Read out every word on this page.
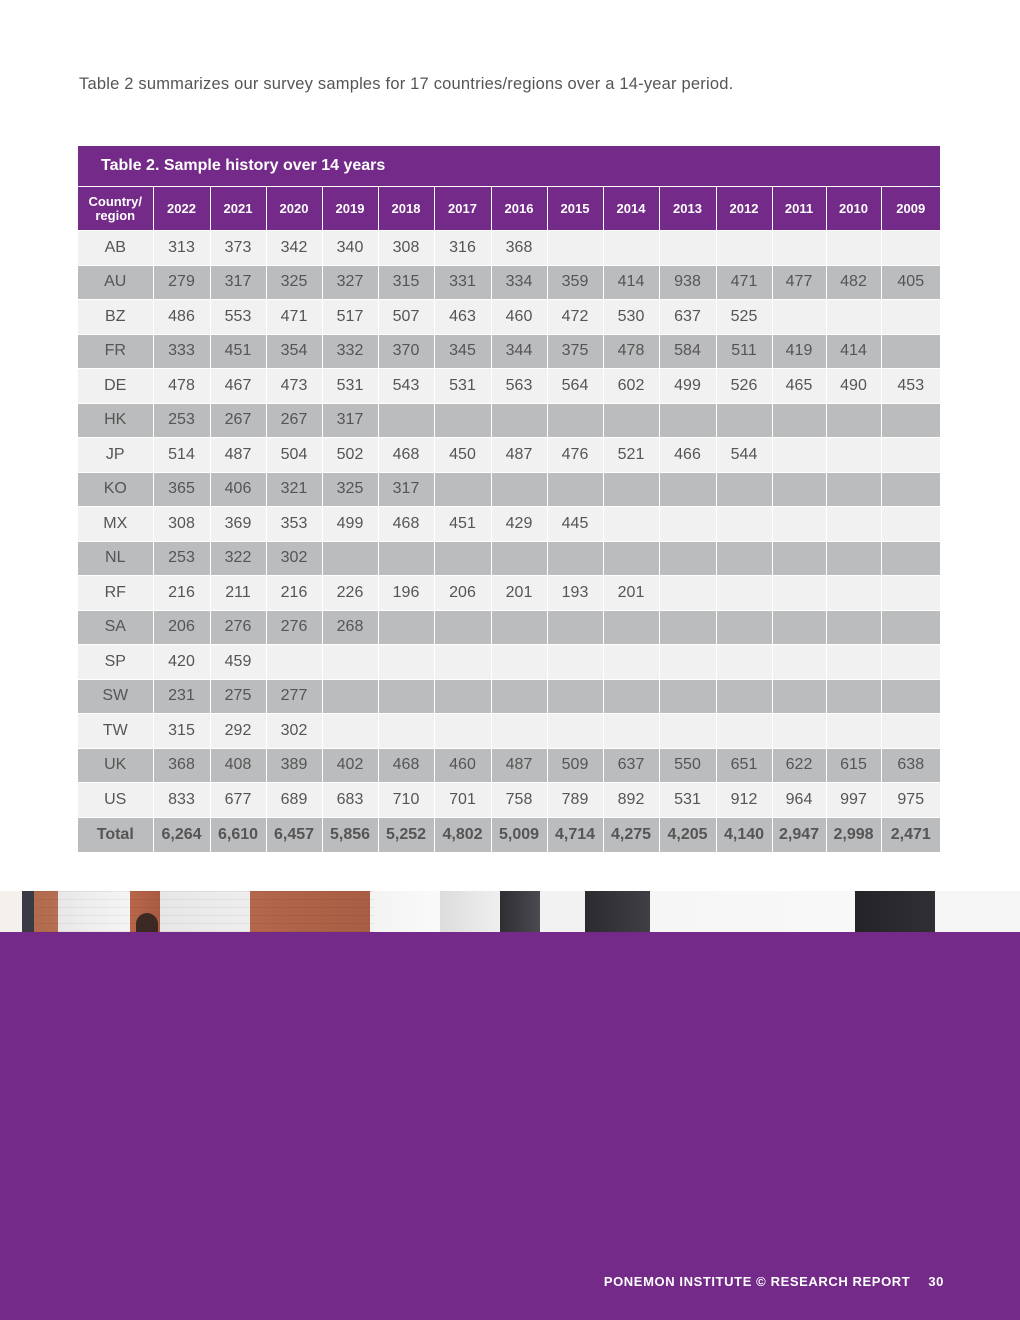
Table 2 summarizes our survey samples for 17 countries/regions over a 14-year period.
Table 2. Sample history over 14 years														
Country/
region	2022	2021	2020	2019	2018	2017	2016	2015	2014	2013	2012	2011	2010	2009
AB	313	373	342	340	308	316	368							
AU	279	317	325	327	315	331	334	359	414	938	471	477	482	405
BZ	486	553	471	517	507	463	460	472	530	637	525			
FR	333	451	354	332	370	345	344	375	478	584	511	419	414	
DE	478	467	473	531	543	531	563	564	602	499	526	465	490	453
HK	253	267	267	317										
JP	514	487	504	502	468	450	487	476	521	466	544			
KO	365	406	321	325	317									
MX	308	369	353	499	468	451	429	445						
NL	253	322	302											
RF	216	211	216	226	196	206	201	193	201					
SA	206	276	276	268										
SP	420	459												
SW	231	275	277											
TW	315	292	302											
UK	368	408	389	402	468	460	487	509	637	550	651	622	615	638
US	833	677	689	683	710	701	758	789	892	531	912	964	997	975
Total	6,264	6,610	6,457	5,856	5,252	4,802	5,009	4,714	4,275	4,205	4,140	2,947	2,998	2,471
PONEMON INSTITUTE © RESEARCH REPORT 30
